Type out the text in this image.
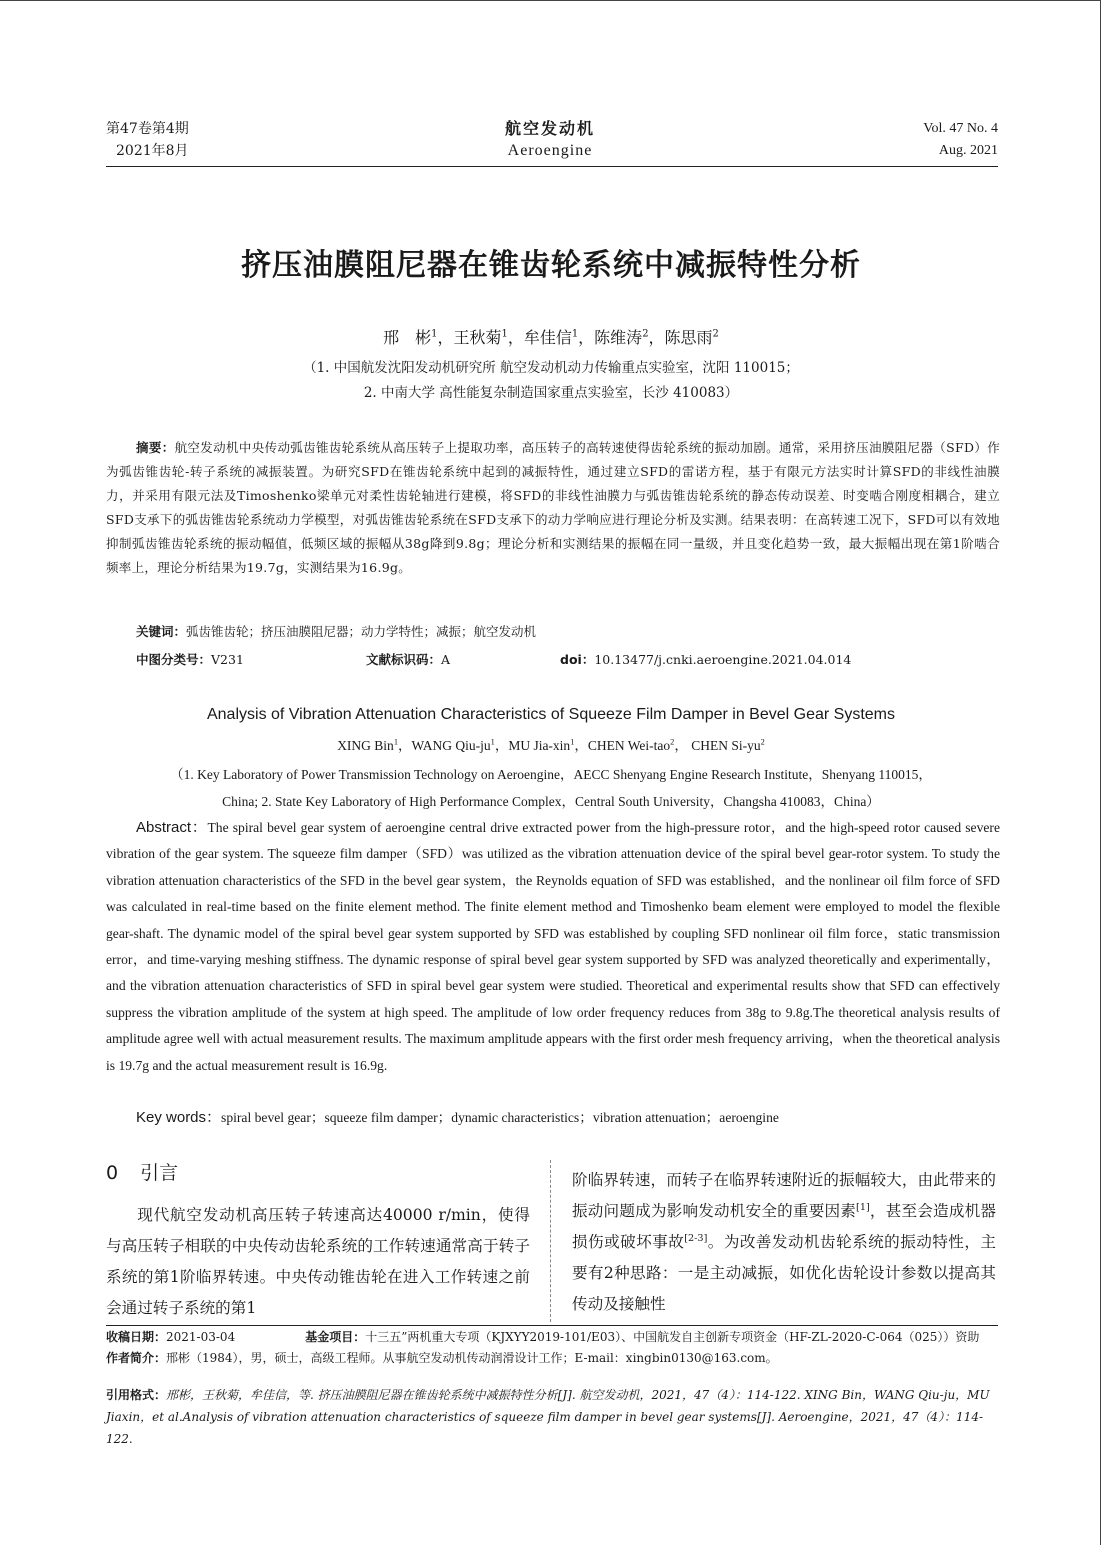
第47卷第4期
2021年8月
航空发动机
Aeroengine
Vol. 47 No. 4
Aug. 2021
挤压油膜阻尼器在锥齿轮系统中减振特性分析
邢　彬$^1$，王秋菊$^1$，牟佳信$^1$，陈维涛$^2$，陈思雨$^2$
（1. 中国航发沈阳发动机研究所 航空发动机动力传输重点实验室，沈阳 110015；
2. 中南大学 高性能复杂制造国家重点实验室，长沙 410083）
摘要：航空发动机中央传动弧齿锥齿轮系统从高压转子上提取功率，高压转子的高转速使得齿轮系统的振动加剧。通常，采用挤压油膜阻尼器（SFD）作为弧齿锥齿轮-转子系统的减振装置。为研究SFD在锥齿轮系统中起到的减振特性，通过建立SFD的雷诺方程，基于有限元方法实时计算SFD的非线性油膜力，并采用有限元法及Timoshenko梁单元对柔性齿轮轴进行建模，将SFD的非线性油膜力与弧齿锥齿轮系统的静态传动误差、时变啮合刚度相耦合，建立SFD支承下的弧齿锥齿轮系统动力学模型，对弧齿锥齿轮系统在SFD支承下的动力学响应进行理论分析及实测。结果表明：在高转速工况下，SFD可以有效地抑制弧齿锥齿轮系统的振动幅值，低频区域的振幅从38g降到9.8g；理论分析和实测结果的振幅在同一量级，并且变化趋势一致，最大振幅出现在第1阶啮合频率上，理论分析结果为19.7g，实测结果为16.9g。
关键词：弧齿锥齿轮；挤压油膜阻尼器；动力学特性；减振；航空发动机
中图分类号：V231	文献标识码：A	doi：10.13477/j.cnki.aeroengine.2021.04.014
Analysis of Vibration Attenuation Characteristics of Squeeze Film Damper in Bevel Gear Systems
XING Bin$^1$，WANG Qiu-$ju^1$，MU Jia-xin$^1$，CHEN Wei-tao$^2$， CHEN $Si-yu^2$
（1. Key Laboratory of Power Transmission Technology on Aeroengine，AECC Shenyang Engine Research Institute，Shenyang 110015，
China; 2. State Key Laboratory of High Performance Complex，Central South University，Changsha 410083，China）
Abstract：The spiral bevel gear system of aeroengine central drive extracted power from the high-pressure rotor，and the high-speed rotor caused severe vibration of the gear system. The squeeze film damper（SFD）was utilized as the vibration attenuation device of the spiral bevel gear-rotor system. To study the vibration attenuation characteristics of the SFD in the bevel gear system，the Reynolds equation of SFD was established，and the nonlinear oil film force of SFD was calculated in real-time based on the finite element method. The finite element method and Timoshenko beam element were employed to model the flexible gear-shaft. The dynamic model of the spiral bevel gear system supported by SFD was established by coupling SFD nonlinear oil film force，static transmission error，and time-varying meshing stiffness. The dynamic response of spiral bevel gear system supported by SFD was analyzed theoretically and experimentally，and the vibration attenuation characteristics of SFD in spiral bevel gear system were studied. Theoretical and experimental results show that SFD can effectively suppress the vibration amplitude of the system at high speed. The amplitude of low order frequency reduces from 38g to 9.8g.The theoretical analysis results of amplitude agree well with actual measurement results. The maximum amplitude appears with the first order mesh frequency arriving，when the theoretical analysis is 19.7g and the actual measurement result is 16.9g.
Key words：spiral bevel gear；squeeze film damper；dynamic characteristics；vibration attenuation；aeroengine
0 引言

现代航空发动机高压转子转速高达40000 r/min，使得与高压转子相联的中央传动齿轮系统的工作转速通常高于转子系统的第1阶临界转速。中央传动锥齿轮在进入工作转速之前会通过转子系统的第1

阶临界转速，而转子在临界转速附近的振幅较大，由此带来的振动问题成为影响发动机安全的重要因素[1]，甚至会造成机器损伤或破坏事故[2-3]。为改善发动机齿轮系统的振动特性，主要有2种思路：一是主动减振，如优化齿轮设计参数以提高其传动及接触性

收稿日期：2021-03-04	基金项目：十三五”两机重大专项（KJXYY2019-101/E03）、中国航发自主创新专项资金（HF-ZL-2020-C-064（025））资助
作者简介：邢彬（1984），男，硕士，高级工程师。从事航空发动机传动润滑设计工作；E-mail：xingbin0130@163.com。
引用格式：邢彬，王秋菊，牟佳信，等. 挤压油膜阻尼器在锥齿轮系统中减振特性分析[J]. 航空发动机，2021，47（4）：114-122. XING Bin，WANG Qiu-ju，MU Jiaxin，et al.Analysis of vibration attenuation characteristics of squeeze film damper in bevel gear systems[J]. Aeroengine，2021，47（4）：114-122.
